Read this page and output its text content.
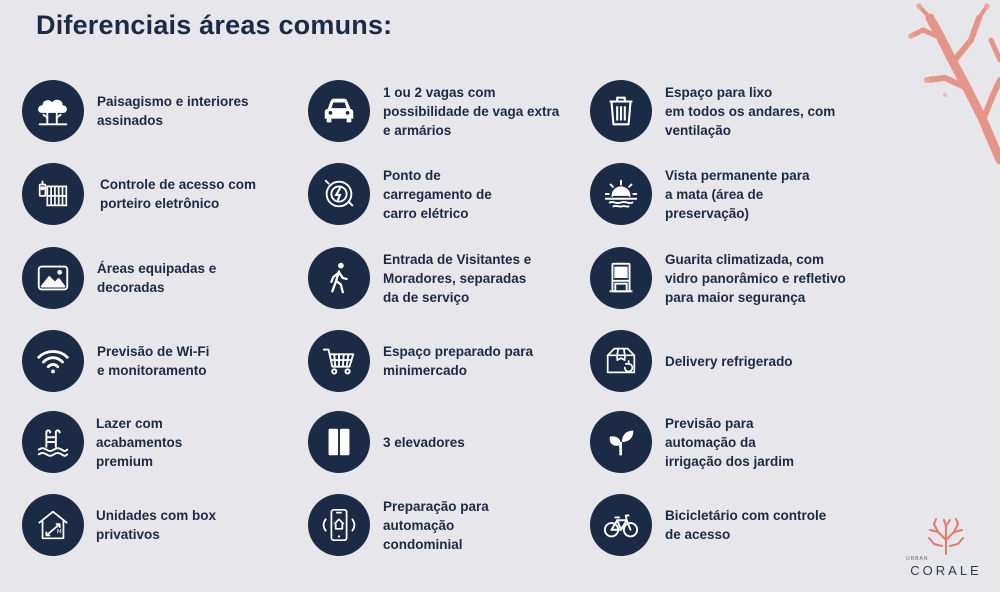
Diferenciais áreas comuns:
Paisagismo e interiores
assinados
Controle de acesso com
porteiro eletrônico
Áreas equipadas e
decoradas
Previsão de Wi-Fi
e monitoramento
Lazer com
acabamentos
premium
M²
Unidades com box
privativos
1 ou 2 vagas com
possibilidade de vaga extra
e armários
Ponto de
carregamento de
carro elétrico
Entrada de Visitantes e
Moradores, separadas
da de serviço
Espaço preparado para
minimercado
3 elevadores
Preparação para
automação
condominial
Espaço para lixo
em todos os andares, com
ventilação
Vista permanente para
a mata (área de
preservação)
Guarita climatizada, com
vidro panorâmico e refletivo
para maior segurança
Delivery refrigerado
Previsão para
automação da
irrigação dos jardim
Bicicletário com controle
de acesso
URBAN
CORALE
